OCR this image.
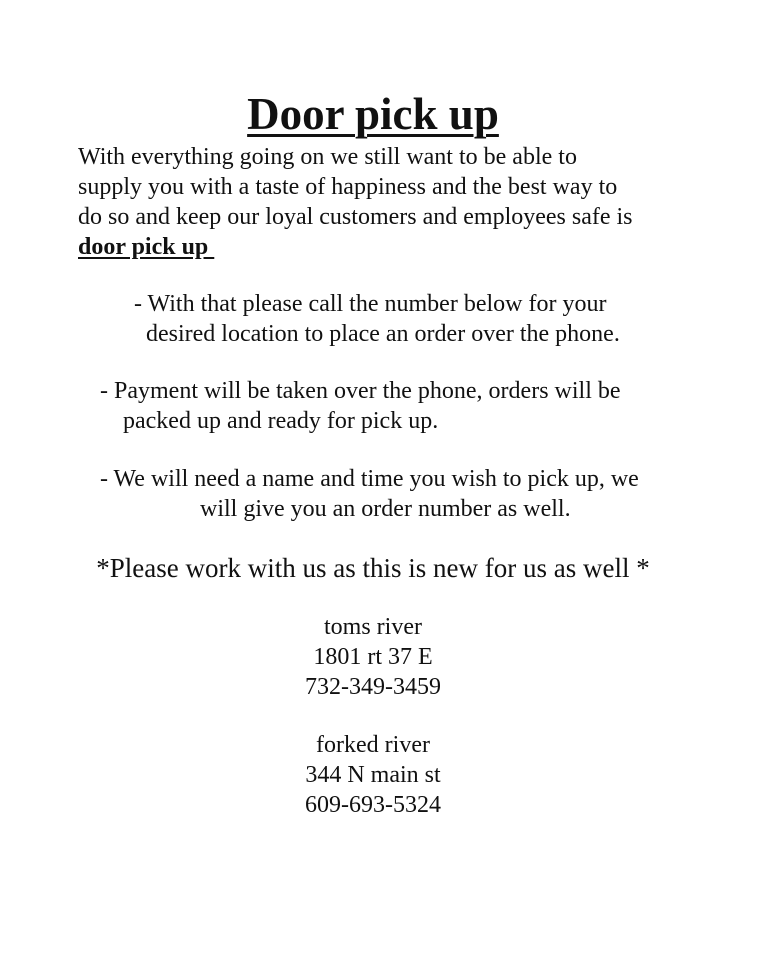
Door pick up

With everything going on we still want to be able to
supply you with a taste of happiness and the best way to
do so and keep our loyal customers and employees safe is
door pick up

- With that please call the number below for your
desired location to place an order over the phone.

- Payment will be taken over the phone, orders will be
packed up and ready for pick up.

- We will need a name and time you wish to pick up, we
will give you an order number as well.

*Please work with us as this is new for us as well *

toms river
1801 rt 37 E
732-349-3459
forked river
344 N main st
609-693-5324
